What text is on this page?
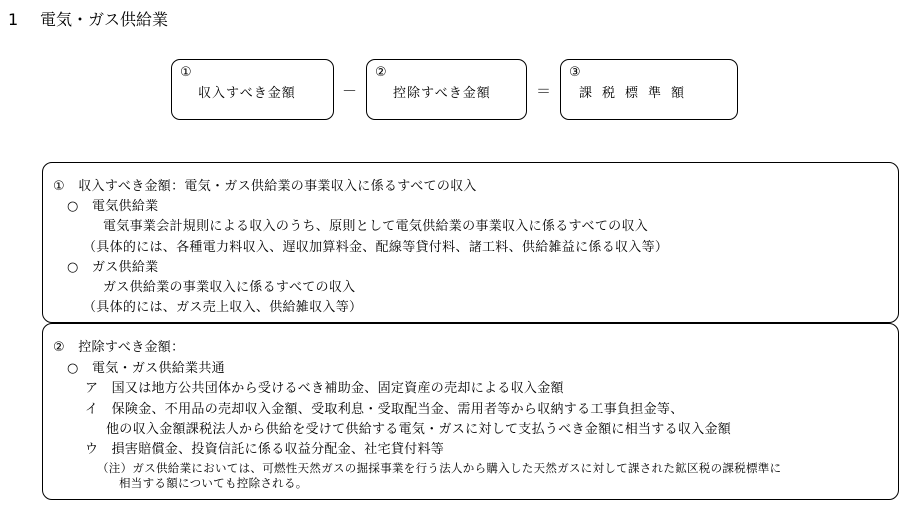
1 電気・ガス供給業
①
収入すべき金額	－
②
控除すべき金額	＝
③
課税標準額
①　収入すべき金額：電気・ガス供給業の事業収入に係るすべての収入
○　電気供給業
電気事業会計規則による収入のうち、原則として電気供給業の事業収入に係るすべての収入
（具体的には、各種電力料収入、遅収加算料金、配線等貸付料、諸工料、供給雑益に係る収入等）
○　ガス供給業
ガス供給業の事業収入に係るすべての収入
（具体的には、ガス売上収入、供給雑収入等）
②　控除すべき金額：
○　電気・ガス供給業共通
ア　国又は地方公共団体から受けるべき補助金、固定資産の売却による収入金額
イ　保険金、不用品の売却収入金額、受取利息・受取配当金、需用者等から収納する工事負担金等、
他の収入金額課税法人から供給を受けて供給する電気・ガスに対して支払うべき金額に相当する収入金額
ウ　損害賠償金、投資信託に係る収益分配金、社宅貸付料等
（注）ガス供給業においては、可燃性天然ガスの掘採事業を行う法人から購入した天然ガスに対して課された鉱区税の課税標準に
相当する額についても控除される。
